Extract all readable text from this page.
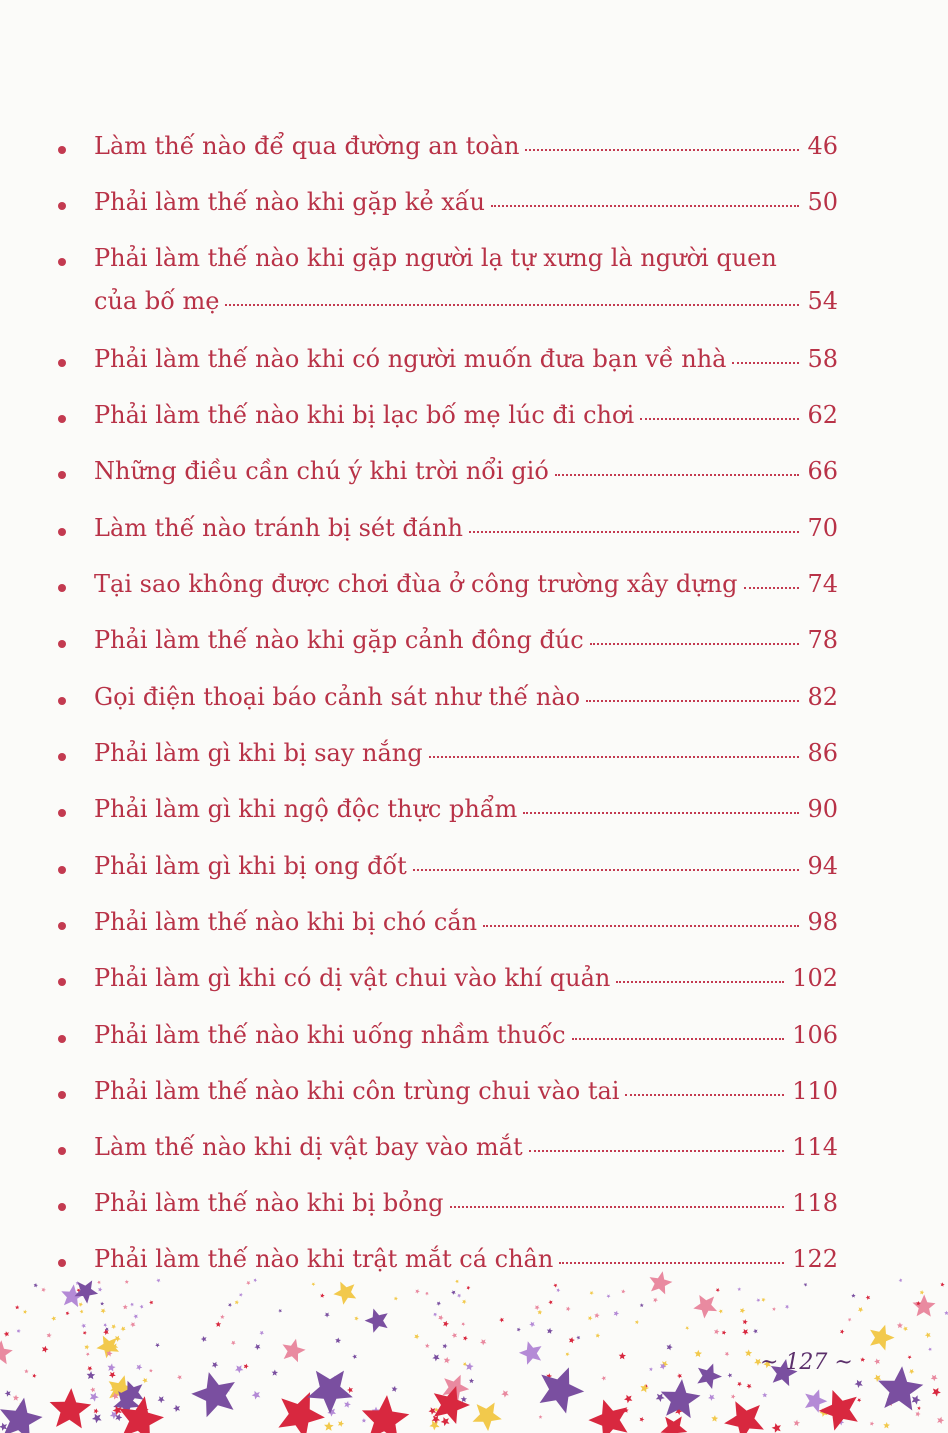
Làm thế nào để qua đường an toàn	46
Phải làm thế nào khi gặp kẻ xấu	50
Phải làm thế nào khi gặp người lạ tự xưng là người quen
của bố mẹ	54
Phải làm thế nào khi có người muốn đưa bạn về nhà	58
Phải làm thế nào khi bị lạc bố mẹ lúc đi chơi	62
Những điều cần chú ý khi trời nổi gió	66
Làm thế nào tránh bị sét đánh	70
Tại sao không được chơi đùa ở công trường xây dựng	74
Phải làm thế nào khi gặp cảnh đông đúc	78
Gọi điện thoại báo cảnh sát như thế nào	82
Phải làm gì khi bị say nắng	86
Phải làm gì khi ngộ độc thực phẩm	90
Phải làm gì khi bị ong đốt	94
Phải làm thế nào khi bị chó cắn	98
Phải làm gì khi có dị vật chui vào khí quản	102
Phải làm thế nào khi uống nhầm thuốc	106
Phải làm thế nào khi côn trùng chui vào tai	110
Làm thế nào khi dị vật bay vào mắt	114
Phải làm thế nào khi bị bỏng	118
Phải làm thế nào khi trật mắt cá chân	122
~ 127 ~
